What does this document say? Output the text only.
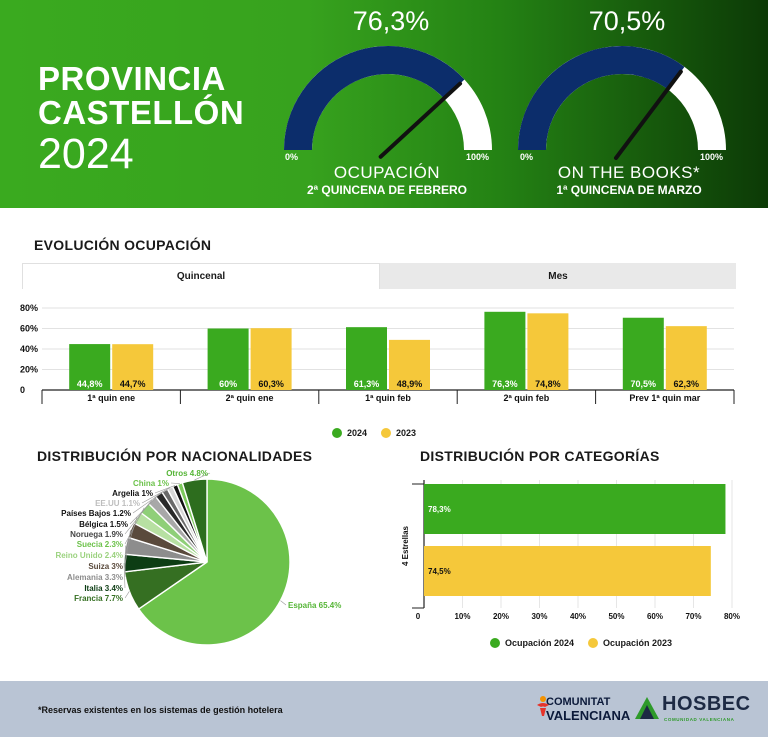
PROVINCIA
CASTELLÓN
2024
76,3%
0%	100%
OCUPACIÓN
2ª QUINCENA DE FEBRERO
70,5%
0%	100%
ON THE BOOKS*
1ª QUINCENA DE MARZO
EVOLUCIÓN OCUPACIÓN
Quincenal	Mes
0
20%
40%
60%
80%
44,8% 44,7%
1ª quin ene
60% 60,3%
2ª quin ene
61,3% 48,9%
1ª quin feb
76,3% 74,8%
2ª quin feb
70,5% 62,3%
Prev 1ª quin mar
2024	2023
DISTRIBUCIÓN POR NACIONALIDADES
España 65.4%
Francia 7.7%
Italia 3.4%
Alemania 3.3%
Suiza 3%
Reino Unido 2.4%
Suecia 2.3%
Noruega 1.9%
Bélgica 1.5%
Países Bajos 1.2%
EE.UU 1.1%
Argelia 1%
China 1%
Otros 4.8%
DISTRIBUCIÓN POR CATEGORÍAS
0	10%	20%	30%	40%	50%	60%	70%	80%
78,3%
74,5%
4 Estrellas
Ocupación 2024	Ocupación 2023
*Reservas existentes en los sistemas de gestión hotelera
COMUNITAT
VALENCIANA
HOSBEC
COMUNIDAD VALENCIANA
